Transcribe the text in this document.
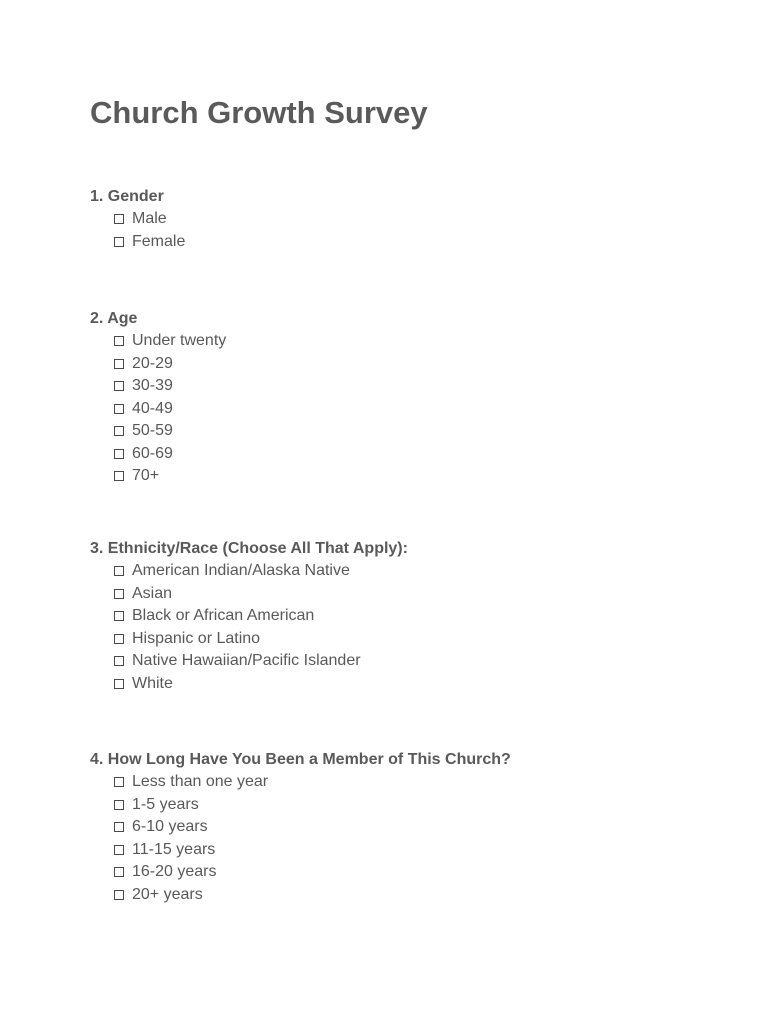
Church Growth Survey
1. Gender
Male
Female
2. Age
Under twenty
20-29
30-39
40-49
50-59
60-69
70+
3. Ethnicity/Race (Choose All That Apply):
American Indian/Alaska Native
Asian
Black or African American
Hispanic or Latino
Native Hawaiian/Pacific Islander
White
4. How Long Have You Been a Member of This Church?
Less than one year
1-5 years
6-10 years
11-15 years
16-20 years
20+ years
